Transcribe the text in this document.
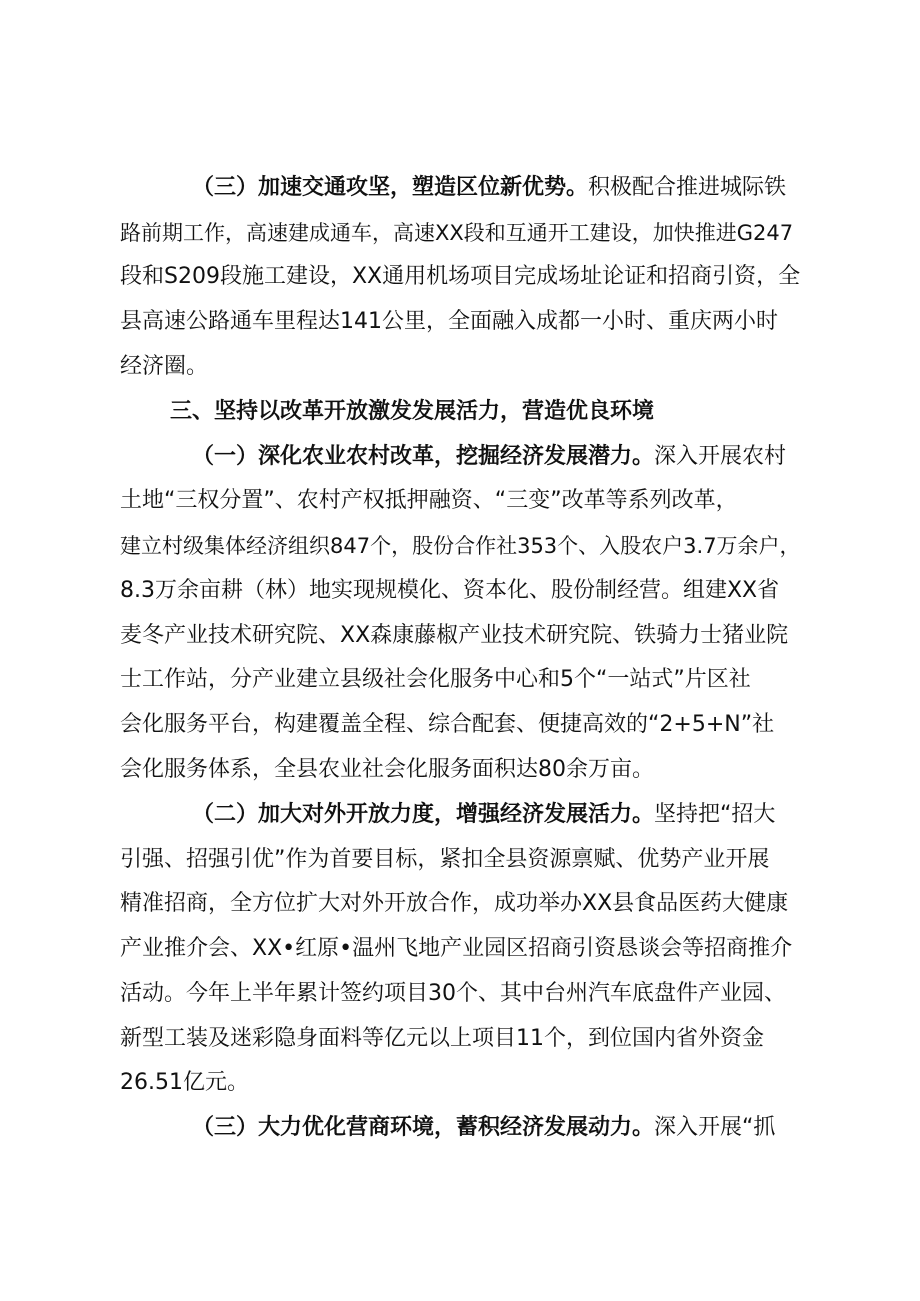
（三）加速交通攻坚，塑造区位新优势。积极配合推进城际铁
路前期工作，高速建成通车，高速XX段和互通开工建设，加快推进G247
段和S209段施工建设，XX通用机场项目完成场址论证和招商引资，全
县高速公路通车里程达141公里，全面融入成都一小时、重庆两小时
经济圈。
三、坚持以改革开放激发发展活力，营造优良环境
（一）深化农业农村改革，挖掘经济发展潜力。深入开展农村
土地“三权分置”、农村产权抵押融资、“三变”改革等系列改革，
建立村级集体经济组织847个，股份合作社353个、入股农户3.7万余户，
8.3万余亩耕（林）地实现规模化、资本化、股份制经营。组建XX省
麦冬产业技术研究院、XX森康藤椒产业技术研究院、铁骑力士猪业院
士工作站，分产业建立县级社会化服务中心和5个“一站式”片区社
会化服务平台，构建覆盖全程、综合配套、便捷高效的“2+5+N”社
会化服务体系，全县农业社会化服务面积达80余万亩。
（二）加大对外开放力度，增强经济发展活力。坚持把“招大
引强、招强引优”作为首要目标，紧扣全县资源禀赋、优势产业开展
精准招商，全方位扩大对外开放合作，成功举办XX县食品医药大健康
产业推介会、XX•红原•温州飞地产业园区招商引资恳谈会等招商推介
活动。今年上半年累计签约项目30个、其中台州汽车底盘件产业园、
新型工装及迷彩隐身面料等亿元以上项目11个，到位国内省外资金
26.51亿元。
（三）大力优化营商环境，蓄积经济发展动力。深入开展“抓
